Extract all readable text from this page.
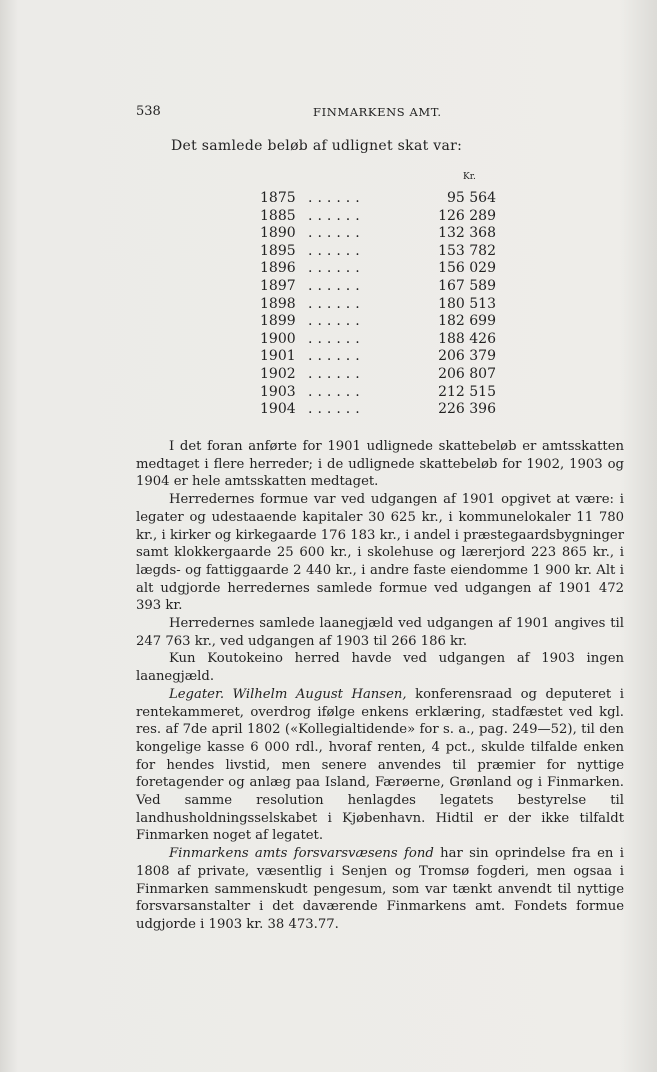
538	FINMARKENS AMT.
Det samlede beløb af udlignet skat var:
Kr.
1875 ......	95 564
1885 ......	126 289
1890 ......	132 368
1895 ......	153 782
1896 ......	156 029
1897 ......	167 589
1898 ......	180 513
1899 ......	182 699
1900 ......	188 426
1901 ......	206 379
1902 ......	206 807
1903 ......	212 515
1904 ......	226 396

I det foran anførte for 1901 udlignede skattebeløb er amtsskatten medtaget i flere herreder; i de udlignede skattebeløb for 1902, 1903 og 1904 er hele amtsskatten medtaget.

Herredernes formue var ved udgangen af 1901 opgivet at være: i legater og udestaaende kapitaler 30 625 kr., i kommunelokaler 11 780 kr., i kirker og kirkegaarde 176 183 kr., i andel i præstegaardsbygninger samt klokkergaarde 25 600 kr., i skolehuse og lærerjord 223 865 kr., i lægds- og fattiggaarde 2 440 kr., i andre faste eiendomme 1 900 kr. Alt i alt udgjorde herredernes samlede formue ved udgangen af 1901 472 393 kr.

Herredernes samlede laanegjæld ved udgangen af 1901 angives til 247 763 kr., ved udgangen af 1903 til 266 186 kr.

Kun Koutokeino herred havde ved udgangen af 1903 ingen laanegjæld.

Legater. Wilhelm August Hansen, konferensraad og deputeret i rentekammeret, overdrog ifølge enkens erklæring, stadfæstet ved kgl. res. af 7de april 1802 («Kollegialtidende» for s. a., pag. 249—52), til den kongelige kasse 6 000 rdl., hvoraf renten, 4 pct., skulde tilfalde enken for hendes livstid, men senere anvendes til præmier for nyttige foretagender og anlæg paa Island, Færøerne, Grønland og i Finmarken. Ved samme resolution henlagdes legatets bestyrelse til landhusholdningsselskabet i Kjøbenhavn. Hidtil er der ikke tilfaldt Finmarken noget af legatet.

Finmarkens amts forsvarsvæsens fond har sin oprindelse fra en i 1808 af private, væsentlig i Senjen og Tromsø fogderi, men ogsaa i Finmarken sammenskudt pengesum, som var tænkt anvendt til nyttige forsvarsanstalter i det daværende Finmarkens amt. Fondets formue udgjorde i 1903 kr. 38 473.77.
